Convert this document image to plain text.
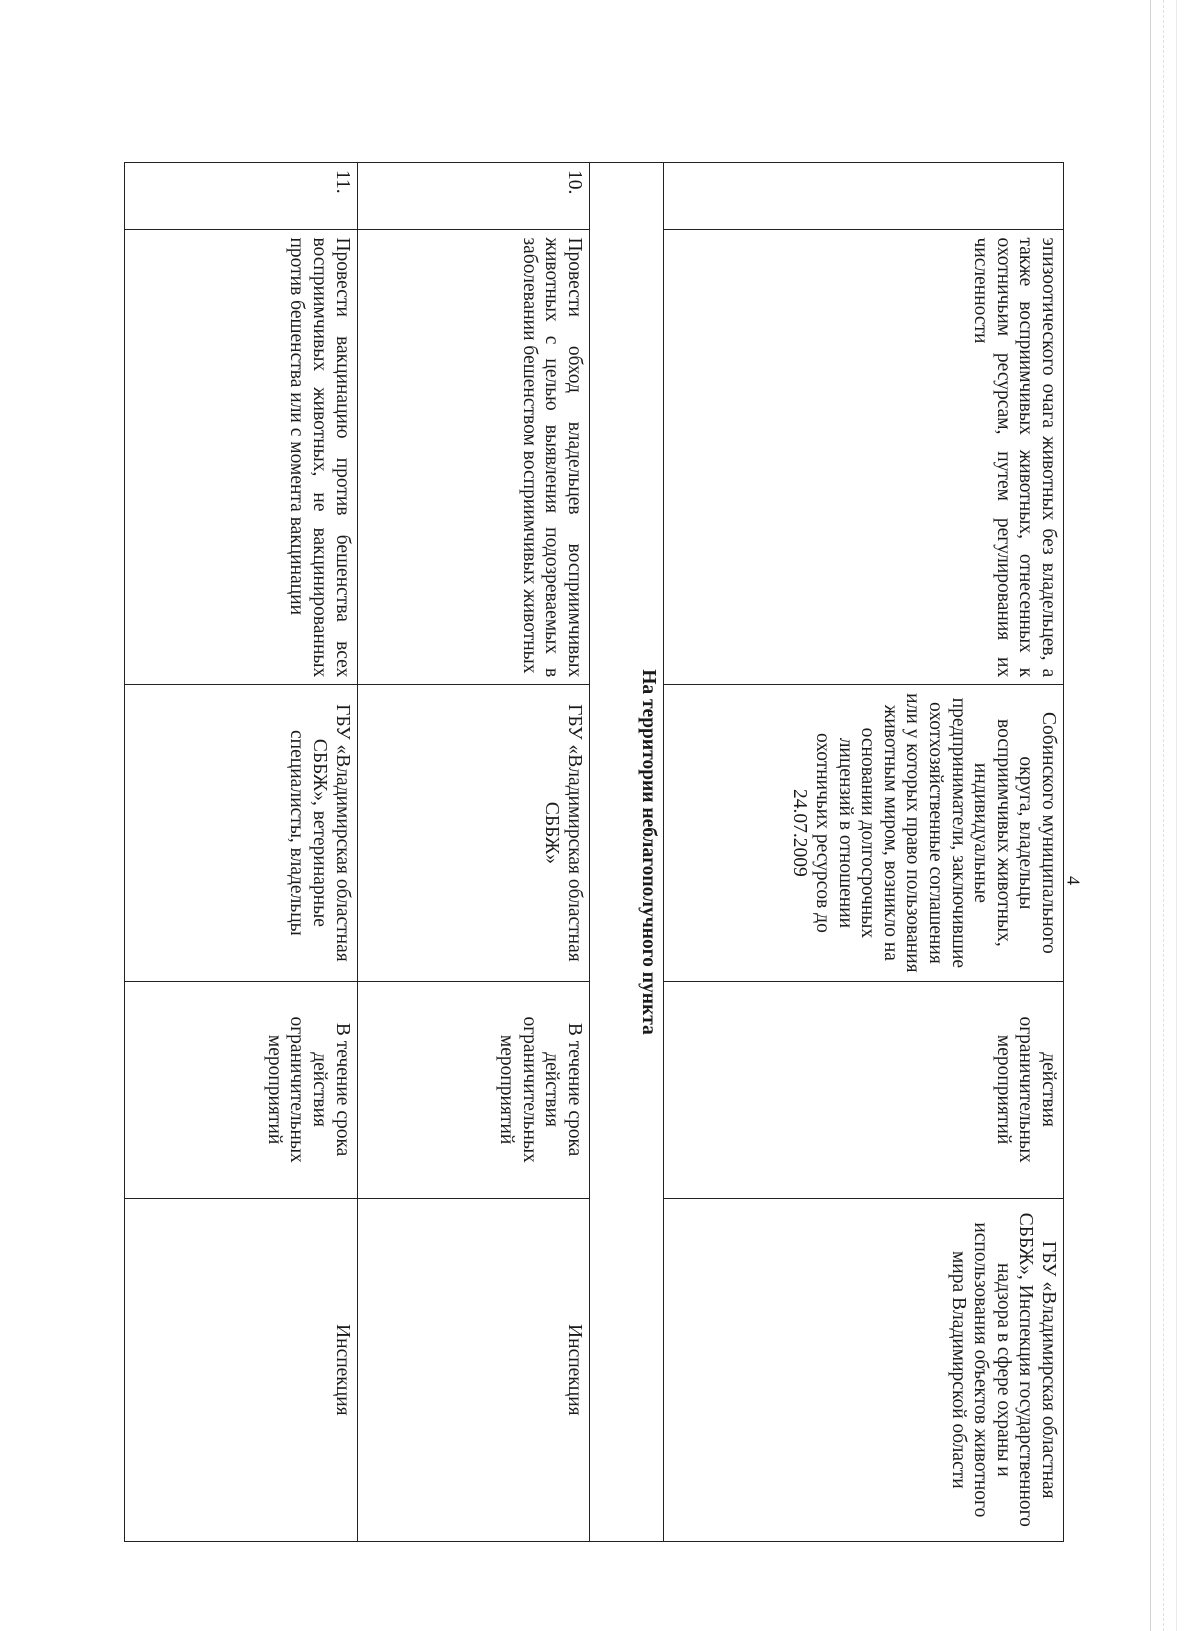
4
	эпизоотического очага животных без владельцев, а также восприимчивых животных, отнесенных к охотничьим ресурсам, путем регулирования их численности	Собинского муниципального округа, владельцы восприимчивых животных, индивидуальные предприниматели, заключившие охотхозяйственные соглашения или у которых право пользования животным миром, возникло на основании долгосрочных лицензий в отношении охотничьих ресурсов до 24.07.2009	действия ограничительных мероприятий	ГБУ «Владимирская областная СББЖ», Инспекция государственного надзора в сфере охраны и использования объектов животного мира Владимирской области
На территории неблагополучного пункта				
10.	Провести обход владельцев восприимчивых животных с целью выявления подозреваемых в заболевании бешенством восприимчивых животных	ГБУ «Владимирская областная СББЖ»	В течение срока действия ограничительных мероприятий	Инспекция
11.	Провести вакцинацию против бешенства всех восприимчивых животных, не вакцинированных против бешенства или с момента вакцинации	ГБУ «Владимирская областная СББЖ», ветеринарные специалисты, владельцы	В течение срока действия ограничительных мероприятий	Инспекция
